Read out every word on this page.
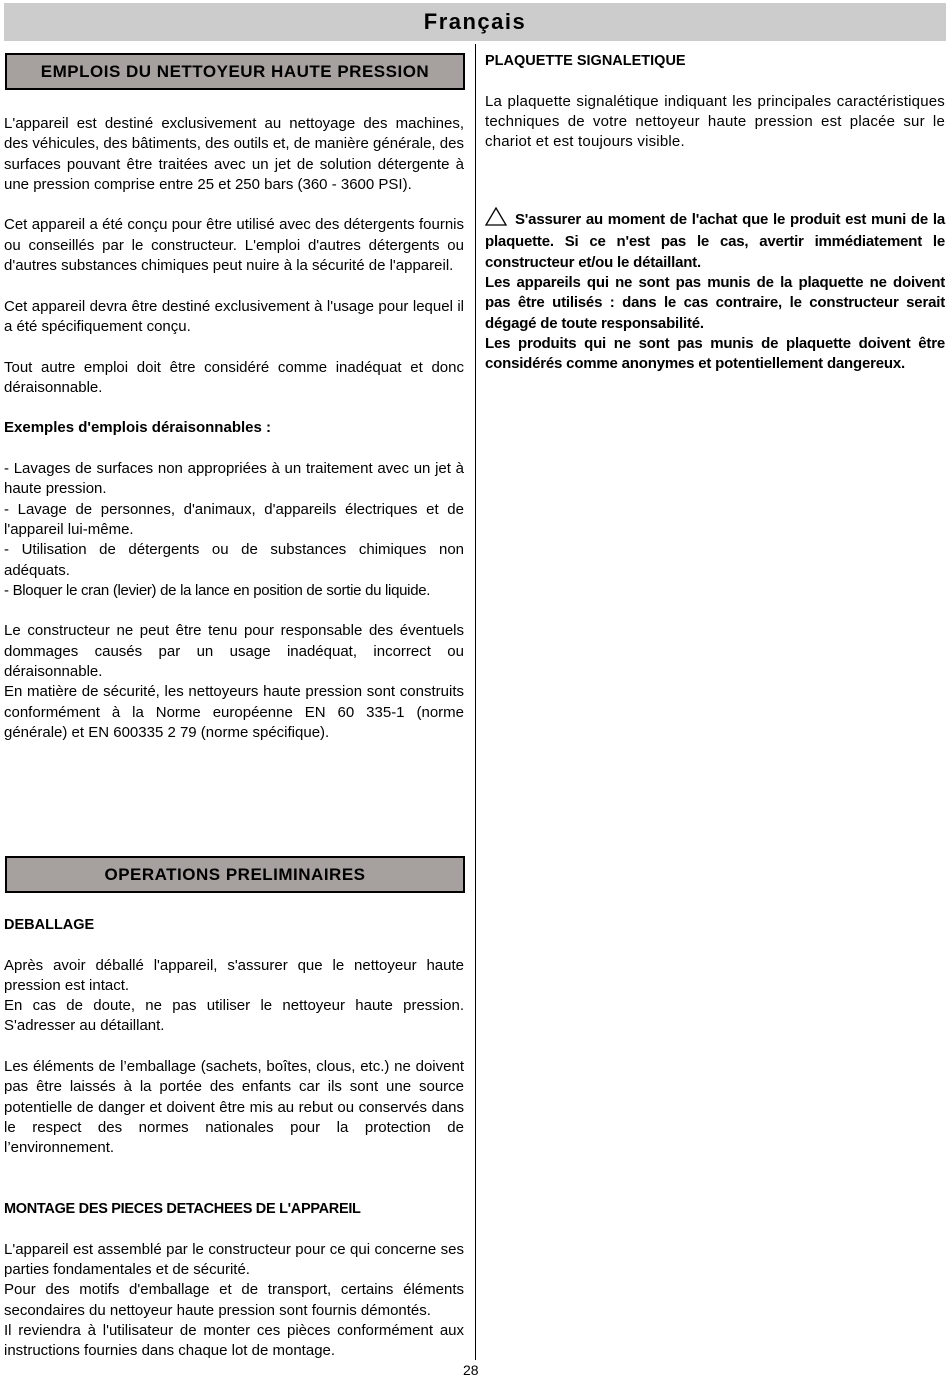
Français
EMPLOIS DU NETTOYEUR HAUTE PRESSION

L'appareil est destiné exclusivement au nettoyage des machines, des véhicules, des bâtiments, des outils et, de manière générale, des surfaces pouvant être traitées avec un jet de solution détergente à une pression comprise entre 25 et 250 bars (360 - 3600 PSI).

Cet appareil a été conçu pour être utilisé avec des détergents fournis ou conseillés par le constructeur. L'emploi d'autres détergents ou d'autres substances chimiques peut nuire à la sécurité de l'appareil.

Cet appareil devra être destiné exclusivement à l'usage pour lequel il a été spécifiquement conçu.

Tout autre emploi doit être considéré comme inadéquat et donc déraisonnable.

Exemples d'emplois déraisonnables :

- Lavages de surfaces non appropriées à un traitement avec un jet à haute pression.

- Lavage de personnes, d'animaux, d'appareils électriques et de l'appareil lui-même.

- Utilisation de détergents ou de substances chimiques non adéquats.

- Bloquer le cran (levier) de la lance en position de sortie du liquide.

Le constructeur ne peut être tenu pour responsable des éventuels dommages causés par un usage inadéquat, incorrect ou déraisonnable.

En matière de sécurité, les nettoyeurs haute pression sont construits conformément à la Norme européenne EN 60 335-1 (norme générale) et EN 600335 2 79 (norme spécifique).

OPERATIONS PRELIMINAIRES

DEBALLAGE

Après avoir déballé l'appareil, s'assurer que le nettoyeur haute pression est intact.

En cas de doute, ne pas utiliser le nettoyeur haute pression. S'adresser au détaillant.

Les éléments de l’emballage (sachets, boîtes, clous, etc.) ne doivent pas être laissés à la portée des enfants car ils sont une source potentielle de danger et doivent être mis au rebut ou conservés dans le respect des normes nationales pour la protection de l’environnement.

MONTAGE DES PIECES DETACHEES DE L'APPAREIL

L'appareil est assemblé par le constructeur pour ce qui concerne ses parties fondamentales et de sécurité.

Pour des motifs d'emballage et de transport, certains éléments secondaires du nettoyeur haute pression sont fournis démontés.

Il reviendra à l'utilisateur de monter ces pièces conformément aux instructions fournies dans chaque lot de montage.

PLAQUETTE SIGNALETIQUE

La plaquette signalétique indiquant les principales caractéristiques techniques de votre nettoyeur haute pression est placée sur le chariot et est toujours visible.

S'assurer au moment de l'achat que le produit est muni de la plaquette. Si ce n'est pas le cas, avertir immédiatement le constructeur et/ou le détaillant.

Les appareils qui ne sont pas munis de la plaquette ne doivent pas être utilisés : dans le cas contraire, le constructeur serait dégagé de toute responsabilité.

Les produits qui ne sont pas munis de plaquette doivent être considérés comme anonymes et potentiellement dangereux.

28
